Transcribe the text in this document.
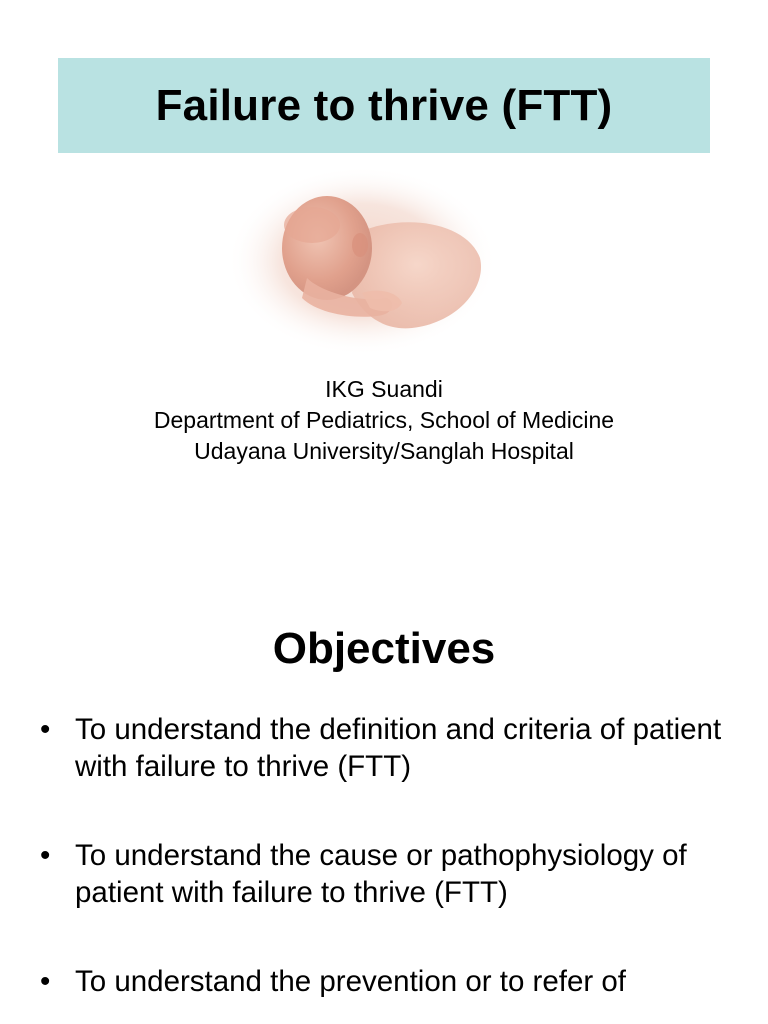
Failure to thrive (FTT)
IKG Suandi
Department of Pediatrics, School of Medicine
Udayana University/Sanglah Hospital
Objectives
• To understand the definition and criteria of patient with failure to thrive (FTT)
• To understand the cause or pathophysiology of patient with failure to thrive (FTT)
• To understand the prevention or to refer of
